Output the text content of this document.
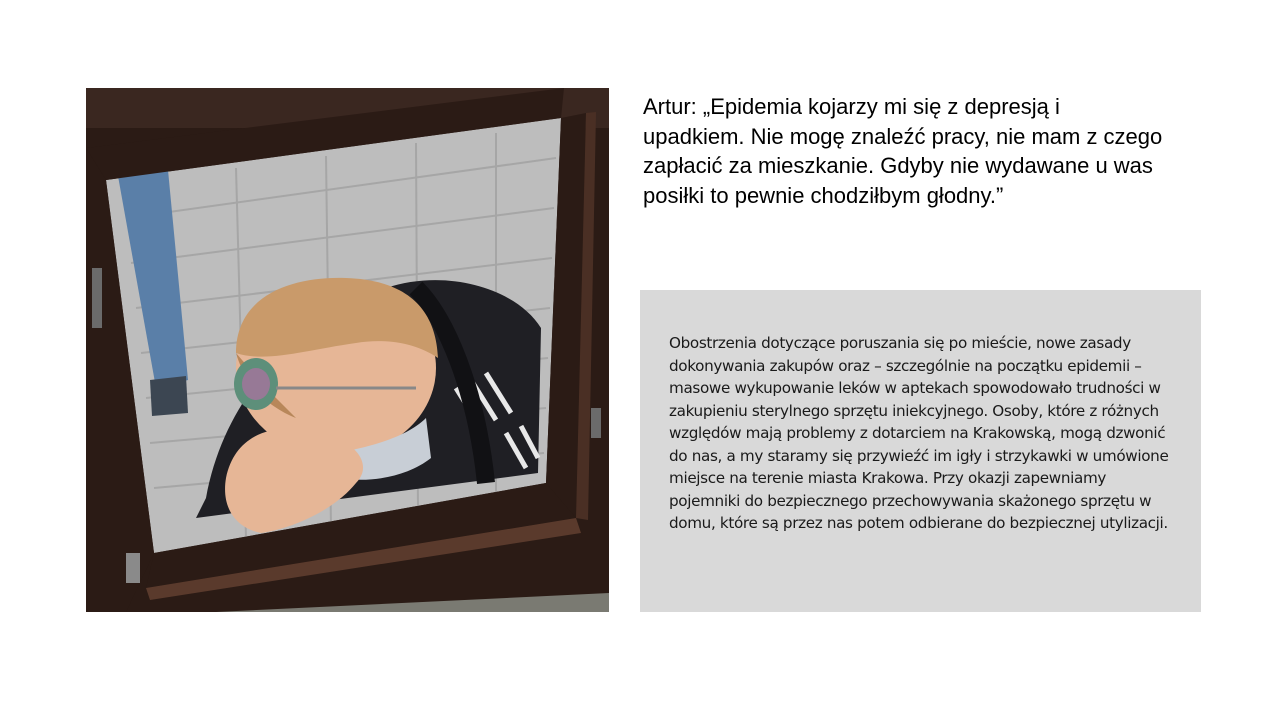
Artur: „Epidemia kojarzy mi się z depresją i upadkiem. Nie mogę znaleźć pracy, nie mam z czego zapłacić za mieszkanie. Gdyby nie wydawane u was posiłki to pewnie chodziłbym głodny.”

Obostrzenia dotyczące poruszania się po mieście, nowe zasady dokonywania zakupów oraz – szczególnie na początku epidemii – masowe wykupowanie leków w aptekach spowodowało trudności w zakupieniu sterylnego sprzętu iniekcyjnego. Osoby, które z różnych względów mają problemy z dotarciem na Krakowską, mogą dzwonić do nas, a my staramy się przywieźć im igły i strzykawki w umówione miejsce na terenie miasta Krakowa. Przy okazji zapewniamy pojemniki do bezpiecznego przechowywania skażonego sprzętu w domu, które są przez nas potem odbierane do bezpiecznej utylizacji.
